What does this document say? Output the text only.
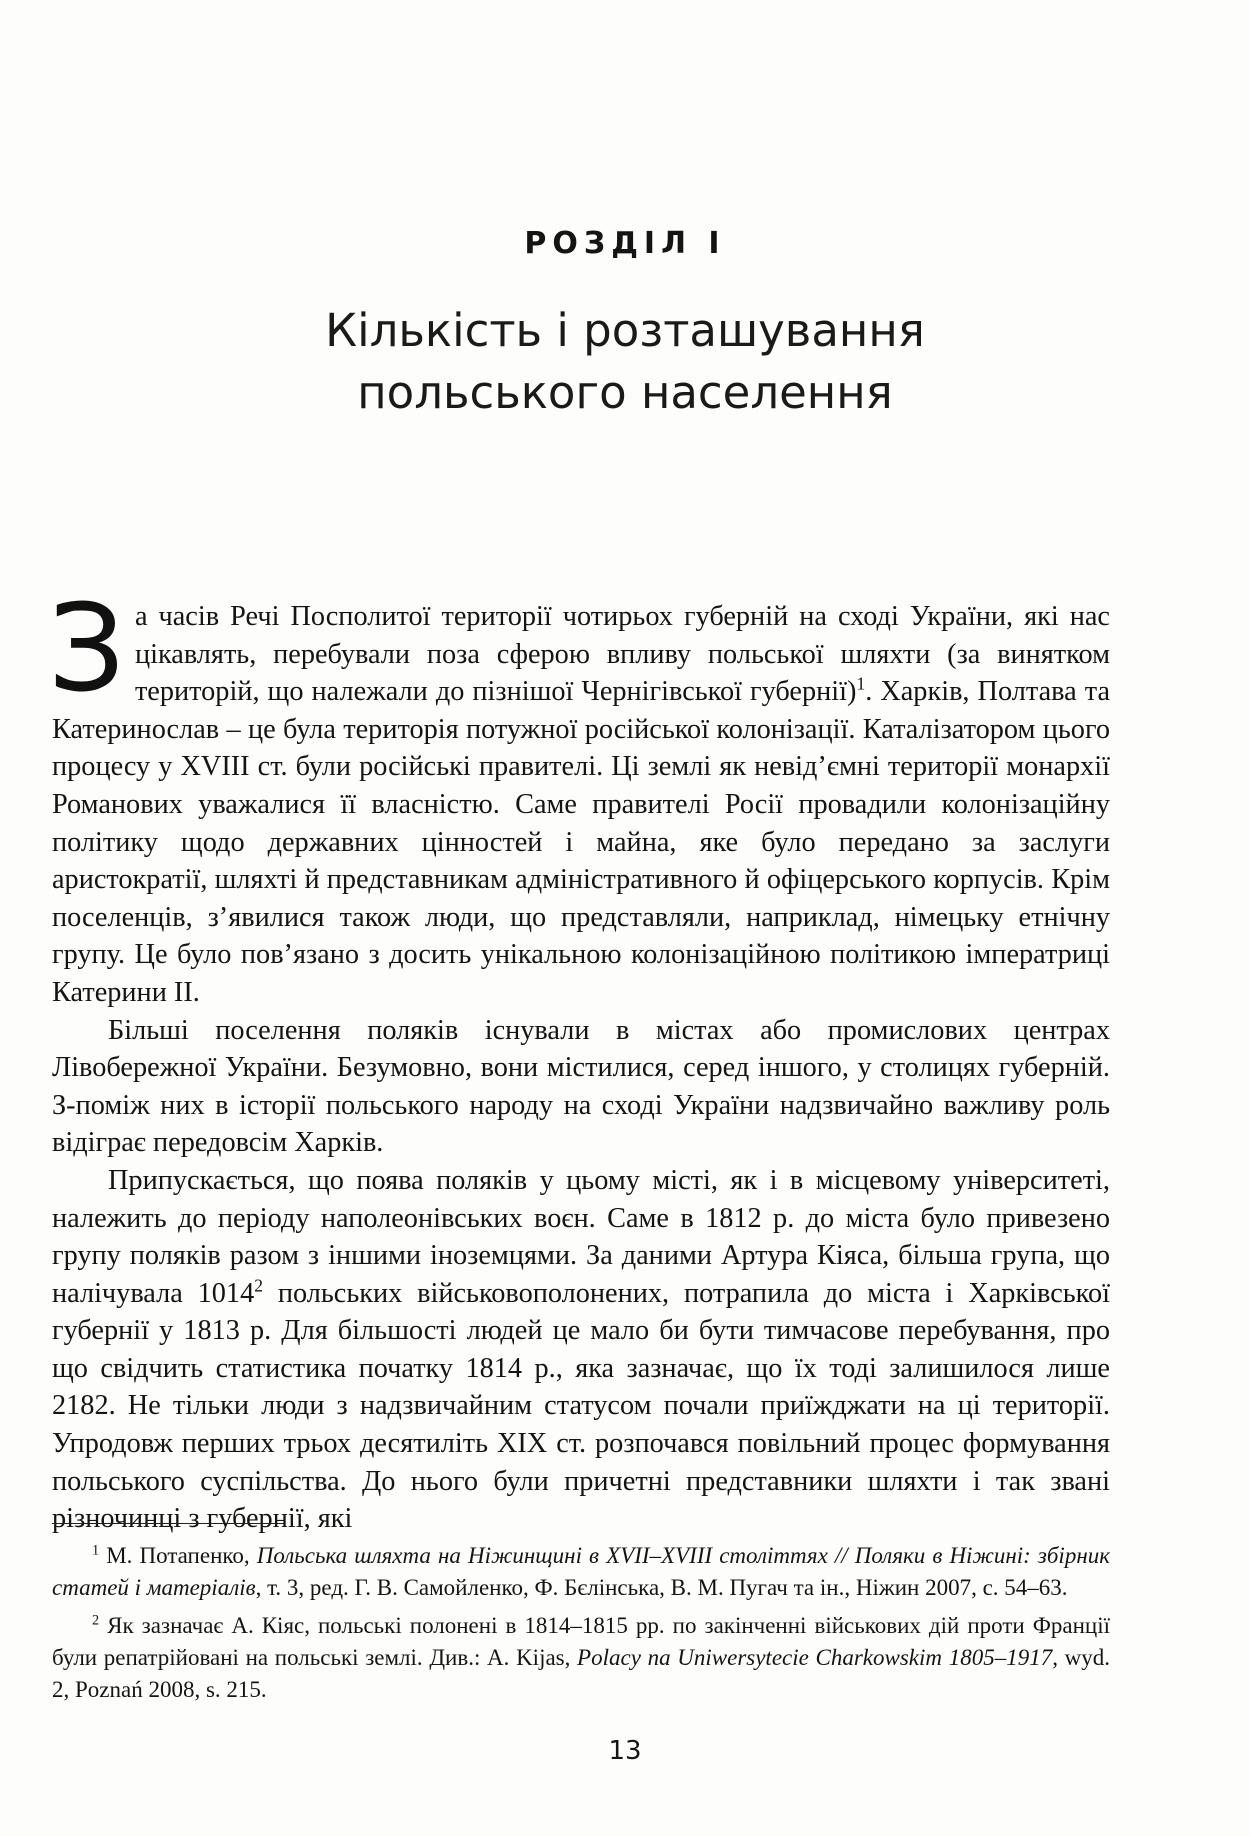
РОЗДІЛ І
Кількість і розташування
польського населення

За часів Речі Посполитої території чотирьох губерній на сході України, які нас цікавлять, перебували поза сферою впливу польської шляхти (за винятком територій, що належали до пізнішої Чернігівської губернії)$^1$. Харків, Полтава та Катеринослав – це була територія потужної російської колонізації. Каталізатором цього процесу у XVIII ст. були російські правителі. Ці землі як невід’ємні території монархії Романових уважалися її власністю. Саме правителі Росії провадили колонізаційну політику щодо державних цінностей і майна, яке було передано за заслуги аристократії, шляхті й представникам адміністративного й офіцерського корпусів. Крім поселенців, з’явилися також люди, що представляли, наприклад, німецьку етнічну групу. Це було пов’язано з досить унікальною колонізаційною політикою імператриці Катерини II.

Більші поселення поляків існували в містах або промислових центрах Лівобережної України. Безумовно, вони містилися, серед іншого, у столицях губерній. З-поміж них в історії польського народу на сході України надзвичайно важливу роль відіграє передовсім Харків.

Припускається, що поява поляків у цьому місті, як і в місцевому університеті, належить до періоду наполеонівських воєн. Саме в 1812 р. до міста було привезено групу поляків разом з іншими іноземцями. За даними Артура Кіяса, більша група, що налічувала 1014$^2$ польських військовополонених, потрапила до міста і Харківської губернії у 1813 р. Для більшості людей це мало би бути тимчасове перебування, про що свідчить статистика початку 1814 р., яка зазначає, що їх тоді залишилося лише 2182. Не тільки люди з надзвичайним статусом почали приїжджати на ці території. Упродовж перших трьох десятиліть XIX ст. розпочався повільний процес формування польського суспільства. До нього були причетні представники шляхти і так звані різночинці з губернії, які

$^1$ М. Потапенко, Польська шляхта на Ніжинщині в XVII–XVIII століттях // Поляки в Ніжині: збірник статей і матеріалів, т. 3, ред. Г. В. Самойленко, Ф. Бєлінська, В. М. Пугач та ін., Ніжин 2007, с. 54–63.

$^2$ Як зазначає А. Кіяс, польські полонені в 1814–1815 рр. по закінченні військових дій проти Франції були репатрійовані на польські землі. Див.: A. Kijas, Polacy na Uniwersytecie Charkowskim 1805–1917, wyd. 2, Poznań 2008, s. 215.

13
